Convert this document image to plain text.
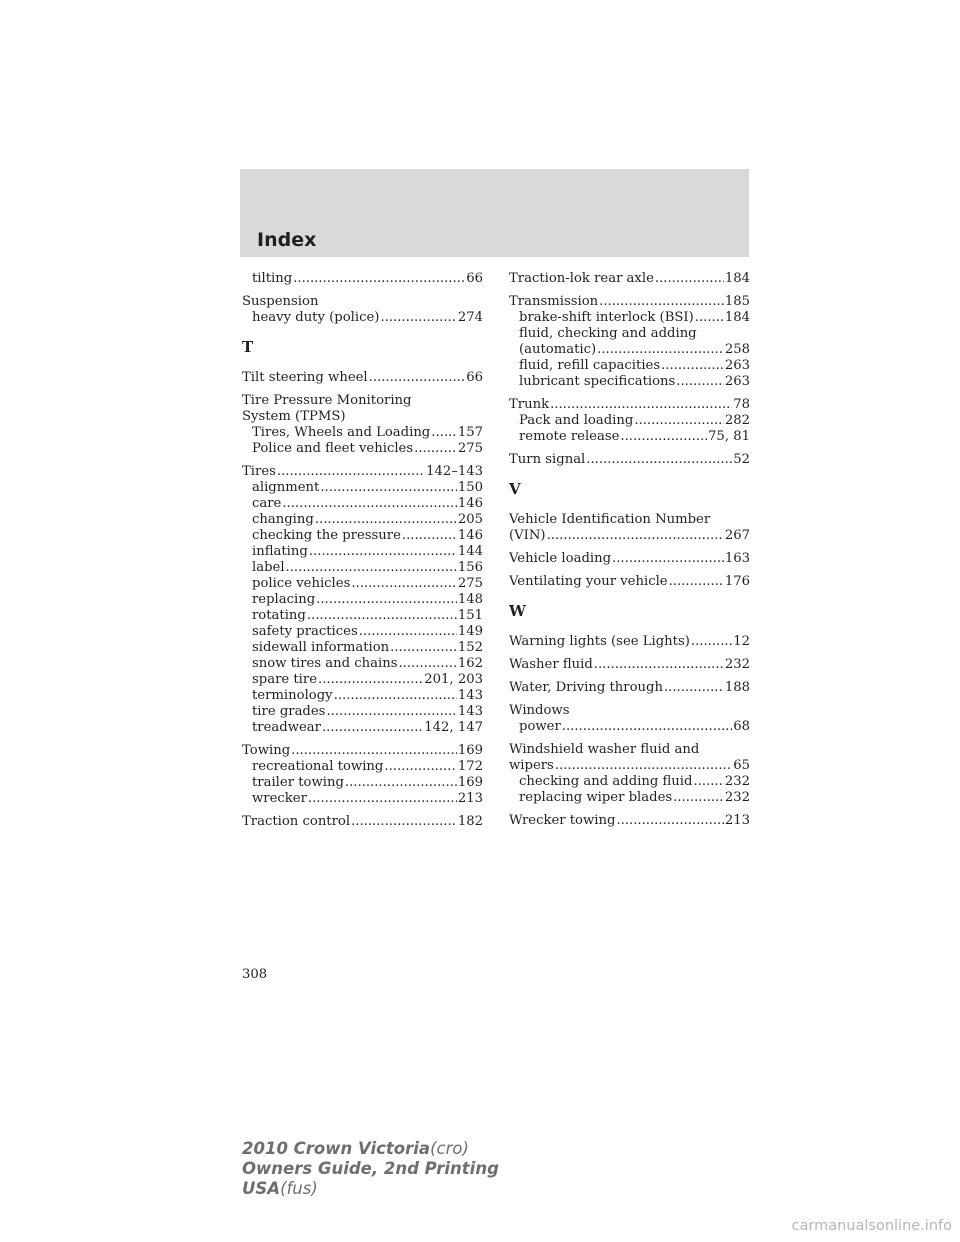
Index
tilting .....	66
Suspension
heavy duty (police) .....	274
T
Tilt steering wheel .....	66
Tire Pressure Monitoring
System (TPMS)
Tires, Wheels and Loading ..... 157
Police and fleet vehicles .....	275
Tires .....	142–143
alignment .....	150
care .....	146
changing .....	205
checking the pressure .....	146
inflating .....	144
label .....	156
police vehicles .....	275
replacing .....	148
rotating .....	151
safety practices .....	149
sidewall information .....	152
snow tires and chains .....	162
spare tire .....	201, 203
terminology .....	143
tire grades .....	143
treadwear .....	142, 147
Towing .....	169
recreational towing .....	172
trailer towing .....	169
wrecker .....	213
Traction control .....	182
Traction-lok rear axle .....	184
Transmission .....	185
brake-shift interlock (BSI) ..... 184
fluid, checking and adding
(automatic) .....	258
fluid, refill capacities .....	263
lubricant specifications .....	263
Trunk .....	78
Pack and loading .....	282
remote release .....	75, 81
Turn signal .....	52
V
Vehicle Identification Number
(VIN) .....	267
Vehicle loading .....	163
Ventilating your vehicle .....	176
W
Warning lights (see Lights) .....	12
Washer fluid .....	232
Water, Driving through .....	188
Windows
power .....	68
Windshield washer fluid and
wipers .....	65
checking and adding fluid ..... 232
replacing wiper blades .....	232
Wrecker towing .....	213
308
2010 Crown Victoria(cro)
Owners Guide, 2nd Printing
USA(fus)
carmanualsonline.info
